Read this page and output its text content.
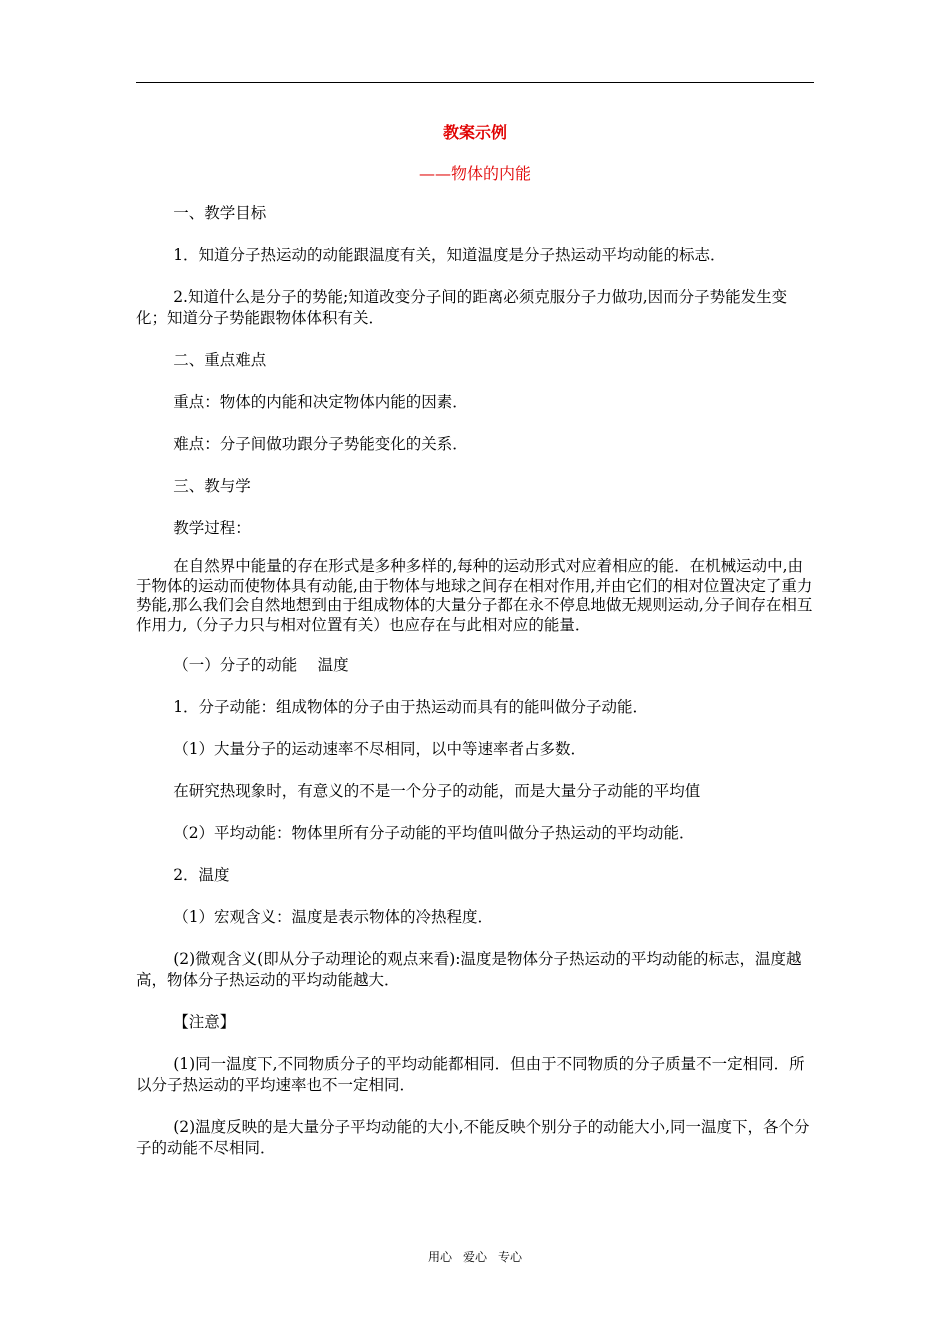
教案示例
——物体的内能

一、教学目标

1．知道分子热运动的动能跟温度有关，知道温度是分子热运动平均动能的标志．

2.知道什么是分子的势能;知道改变分子间的距离必须克服分子力做功,因而分子势能发生变化；知道分子势能跟物体体积有关．

二、重点难点

重点：物体的内能和决定物体内能的因素．

难点：分子间做功跟分子势能变化的关系．

三、教与学

教学过程：

在自然界中能量的存在形式是多种多样的,每种的运动形式对应着相应的能．在机械运动中,由于物体的运动而使物体具有动能,由于物体与地球之间存在相对作用,并由它们的相对位置决定了重力势能,那么我们会自然地想到由于组成物体的大量分子都在永不停息地做无规则运动,分子间存在相互作用力,（分子力只与相对位置有关）也应存在与此相对应的能量．

（一）分子的动能　 温度

1．分子动能：组成物体的分子由于热运动而具有的能叫做分子动能．

（1）大量分子的运动速率不尽相同，以中等速率者占多数．

在研究热现象时，有意义的不是一个分子的动能，而是大量分子动能的平均值

（2）平均动能：物体里所有分子动能的平均值叫做分子热运动的平均动能．

2．温度

（1）宏观含义：温度是表示物体的冷热程度．

(2)微观含义(即从分子动理论的观点来看):温度是物体分子热运动的平均动能的标志，温度越高，物体分子热运动的平均动能越大．

【注意】

(1)同一温度下,不同物质分子的平均动能都相同．但由于不同物质的分子质量不一定相同．所以分子热运动的平均速率也不一定相同．

(2)温度反映的是大量分子平均动能的大小,不能反映个别分子的动能大小,同一温度下，各个分子的动能不尽相同．

用心 爱心 专心
